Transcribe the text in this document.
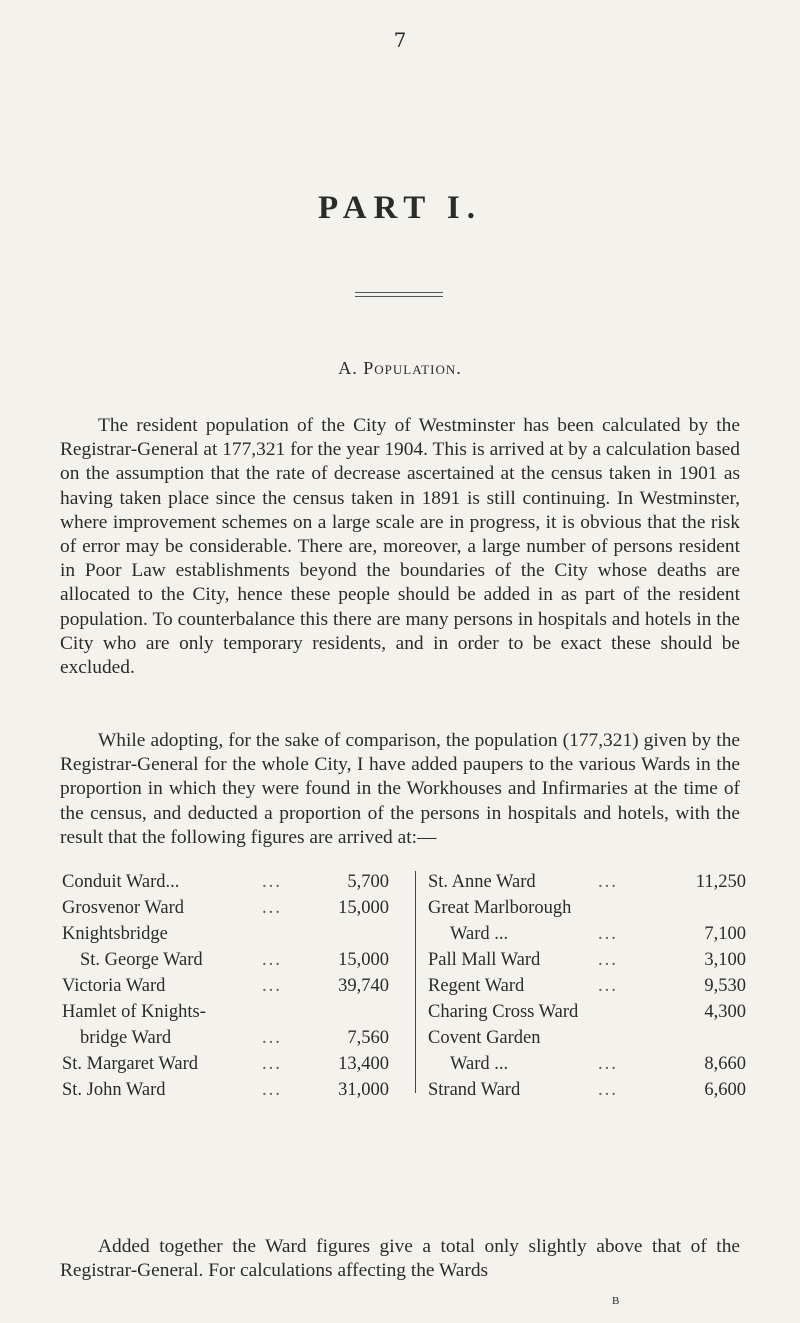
7
PART I.
A. Population.

The resident population of the City of Westminster has been calculated by the Registrar-General at 177,321 for the year 1904. This is arrived at by a calculation based on the assumption that the rate of decrease ascertained at the census taken in 1901 as having taken place since the census taken in 1891 is still continuing. In Westminster, where improvement schemes on a large scale are in progress, it is obvious that the risk of error may be considerable. There are, moreover, a large number of persons resident in Poor Law establishments beyond the boundaries of the City whose deaths are allocated to the City, hence these people should be added in as part of the resident population. To counterbalance this there are many persons in hospitals and hotels in the City who are only temporary residents, and in order to be exact these should be excluded.

While adopting, for the sake of comparison, the population (177,321) given by the Registrar-General for the whole City, I have added paupers to the various Wards in the proportion in which they were found in the Workhouses and Infirmaries at the time of the census, and deducted a proportion of the persons in hospitals and hotels, with the result that the following figures are arrived at:—

Conduit Ward...	...	5,700
Grosvenor Ward	...	15,000
Knightsbridge
St. George Ward	...	15,000
Victoria Ward	...	39,740
Hamlet of Knights-
bridge Ward	...	7,560
St. Margaret Ward	...	13,400
St. John Ward	...	31,000
St. Anne Ward	...	11,250
Great Marlborough
Ward ...	...	7,100
Pall Mall Ward	...	3,100
Regent Ward	...	9,530
Charing Cross Ward	4,300
Covent Garden
Ward ...	...	8,660
Strand Ward	...	6,600

Added together the Ward figures give a total only slightly above that of the Registrar-General. For calculations affecting the Wards

B
